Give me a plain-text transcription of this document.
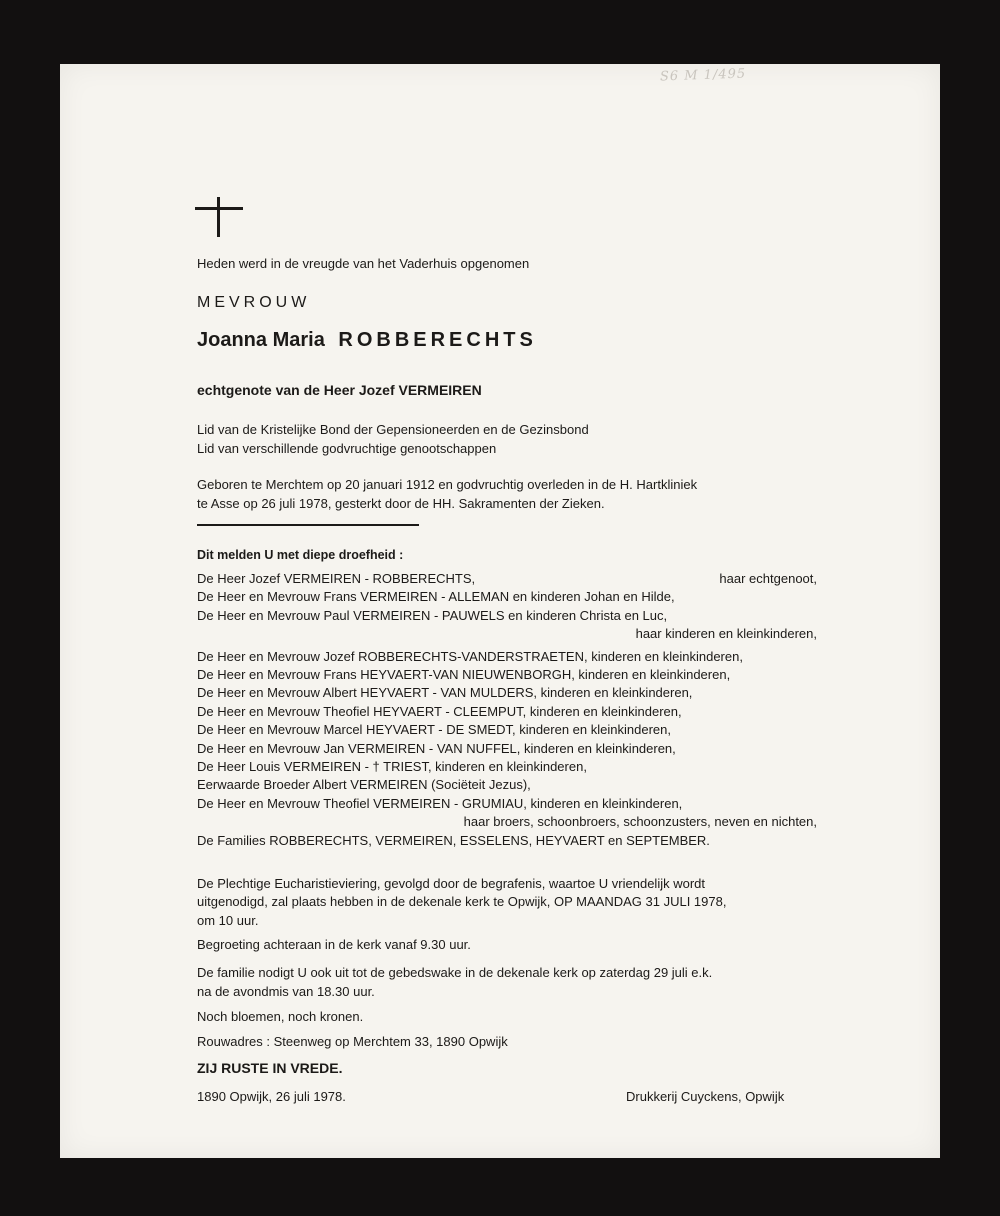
S6 M 1/495
Heden werd in de vreugde van het Vaderhuis opgenomen
MEVROUW
Joanna Maria ROBBERECHTS
echtgenote van de Heer Jozef VERMEIREN
Lid van de Kristelijke Bond der Gepensioneerden en de Gezinsbond
Lid van verschillende godvruchtige genootschappen
Geboren te Merchtem op 20 januari 1912 en godvruchtig overleden in de H. Hartkliniek
te Asse op 26 juli 1978, gesterkt door de HH. Sakramenten der Zieken.
Dit melden U met diepe droefheid :
De Heer Jozef VERMEIREN - ROBBERECHTS,	haar echtgenoot,
De Heer en Mevrouw Frans VERMEIREN - ALLEMAN en kinderen Johan en Hilde,
De Heer en Mevrouw Paul VERMEIREN - PAUWELS en kinderen Christa en Luc,
haar kinderen en kleinkinderen,
De Heer en Mevrouw Jozef ROBBERECHTS-VANDERSTRAETEN, kinderen en kleinkinderen,
De Heer en Mevrouw Frans HEYVAERT-VAN NIEUWENBORGH, kinderen en kleinkinderen,
De Heer en Mevrouw Albert HEYVAERT - VAN MULDERS, kinderen en kleinkinderen,
De Heer en Mevrouw Theofiel HEYVAERT - CLEEMPUT, kinderen en kleinkinderen,
De Heer en Mevrouw Marcel HEYVAERT - DE SMEDT, kinderen en kleinkinderen,
De Heer en Mevrouw Jan VERMEIREN - VAN NUFFEL, kinderen en kleinkinderen,
De Heer Louis VERMEIREN - † TRIEST, kinderen en kleinkinderen,
Eerwaarde Broeder Albert VERMEIREN (Sociëteit Jezus),
De Heer en Mevrouw Theofiel VERMEIREN - GRUMIAU, kinderen en kleinkinderen,
haar broers, schoonbroers, schoonzusters, neven en nichten,
De Families ROBBERECHTS, VERMEIREN, ESSELENS, HEYVAERT en SEPTEMBER.
De Plechtige Eucharistieviering, gevolgd door de begrafenis, waartoe U vriendelijk wordt
uitgenodigd, zal plaats hebben in de dekenale kerk te Opwijk, OP MAANDAG 31 JULI 1978,
om 10 uur.
Begroeting achteraan in de kerk vanaf 9.30 uur.
De familie nodigt U ook uit tot de gebedswake in de dekenale kerk op zaterdag 29 juli e.k.
na de avondmis van 18.30 uur.
Noch bloemen, noch kronen.
Rouwadres : Steenweg op Merchtem 33, 1890 Opwijk
ZIJ RUSTE IN VREDE.
1890 Opwijk, 26 juli 1978.	Drukkerij Cuyckens, Opwijk
